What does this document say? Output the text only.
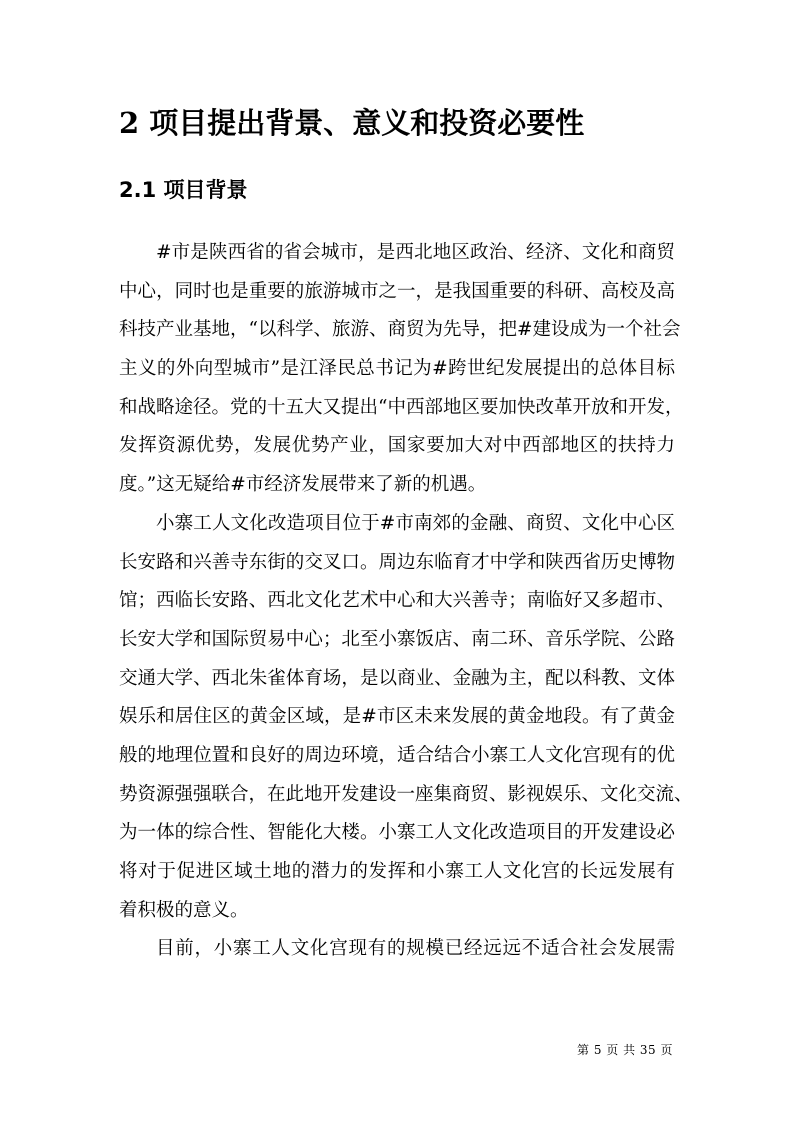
2 项目提出背景、意义和投资必要性
2.1 项目背景
#市是陕西省的省会城市，是西北地区政治、经济、文化和商贸
中心，同时也是重要的旅游城市之一，是我国重要的科研、高校及高
科技产业基地，“以科学、旅游、商贸为先导，把#建设成为一个社会
主义的外向型城市”是江泽民总书记为#跨世纪发展提出的总体目标
和战略途径。党的十五大又提出“中西部地区要加快改革开放和开发，
发挥资源优势，发展优势产业，国家要加大对中西部地区的扶持力
度。”这无疑给#市经济发展带来了新的机遇。
小寨工人文化改造项目位于#市南郊的金融、商贸、文化中心区
长安路和兴善寺东街的交叉口。周边东临育才中学和陕西省历史博物
馆；西临长安路、西北文化艺术中心和大兴善寺；南临好又多超市、
长安大学和国际贸易中心；北至小寨饭店、南二环、音乐学院、公路
交通大学、西北朱雀体育场，是以商业、金融为主，配以科教、文体
娱乐和居住区的黄金区域，是#市区未来发展的黄金地段。有了黄金
般的地理位置和良好的周边环境，适合结合小寨工人文化宫现有的优
势资源强强联合，在此地开发建设一座集商贸、影视娱乐、文化交流、
为一体的综合性、智能化大楼。小寨工人文化改造项目的开发建设必
将对于促进区域土地的潜力的发挥和小寨工人文化宫的长远发展有
着积极的意义。
目前，小寨工人文化宫现有的规模已经远远不适合社会发展需
第 5 页 共 35 页
